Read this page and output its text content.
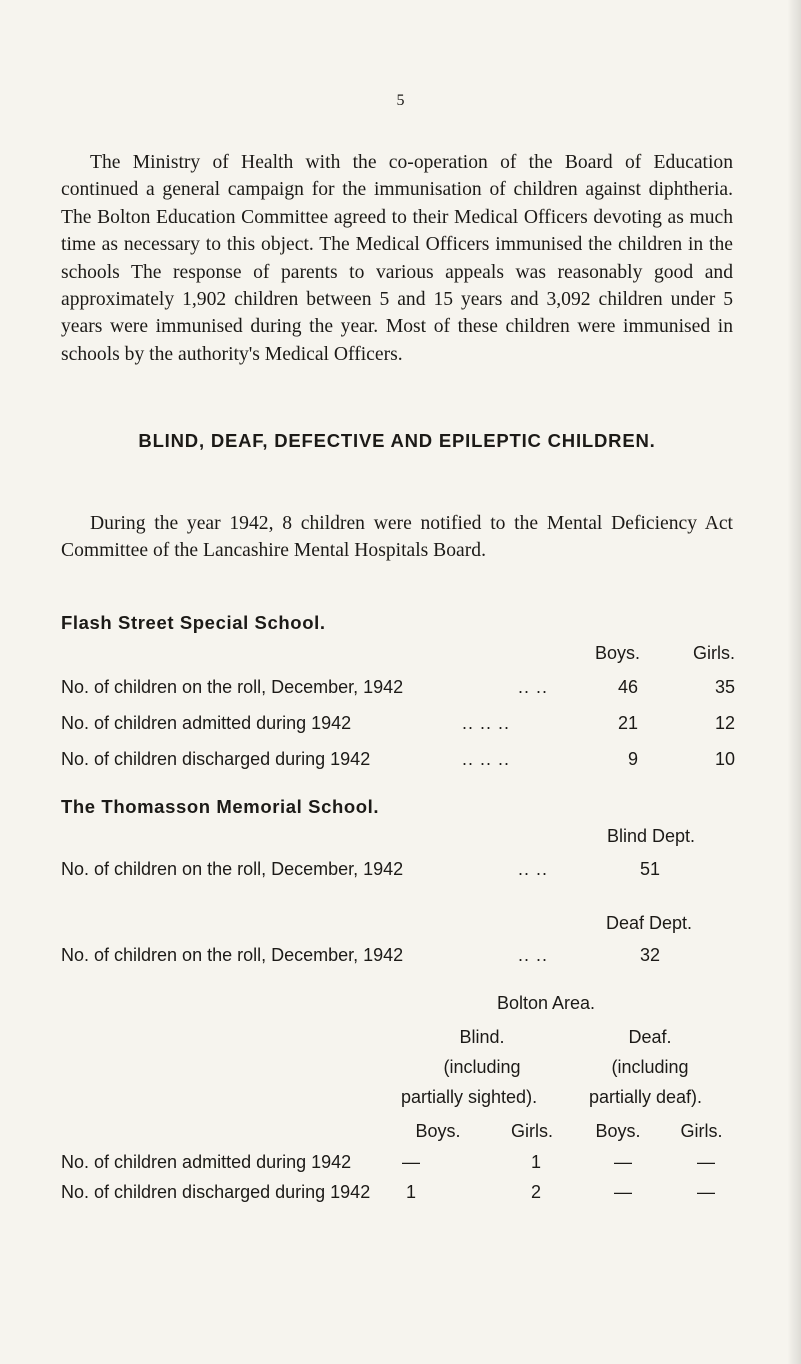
5

The Ministry of Health with the co-operation of the Board of Education continued a general campaign for the immunisation of children against diphtheria. The Bolton Education Committee agreed to their Medical Officers devoting as much time as necessary to this object. The Medical Officers immunised the children in the schools The response of parents to various appeals was reasonably good and approximately 1,902 children between 5 and 15 years and 3,092 children under 5 years were immunised during the year. Most of these children were immunised in schools by the authority's Medical Officers.

BLIND, DEAF, DEFECTIVE AND EPILEPTIC CHILDREN.

During the year 1942, 8 children were notified to the Mental Deficiency Act Committee of the Lancashire Mental Hospitals Board.

Flash Street Special School.
Boys.	Girls.
No. of children on the roll, December, 1942	.. ..	46	35
No. of children admitted during 1942	.. .. ..	21	12
No. of children discharged during 1942	.. .. ..	9	10
The Thomasson Memorial School.
Blind Dept.
No. of children on the roll, December, 1942	.. ..	51
Deaf Dept.
No. of children on the roll, December, 1942	.. ..	32
Bolton Area.
Blind.	Deaf.
(including	(including
partially sighted).	partially deaf).
Boys.	Girls.	Boys.	Girls.
No. of children admitted during 1942	—	1	—	—
No. of children discharged during 1942	1	2	—	—
